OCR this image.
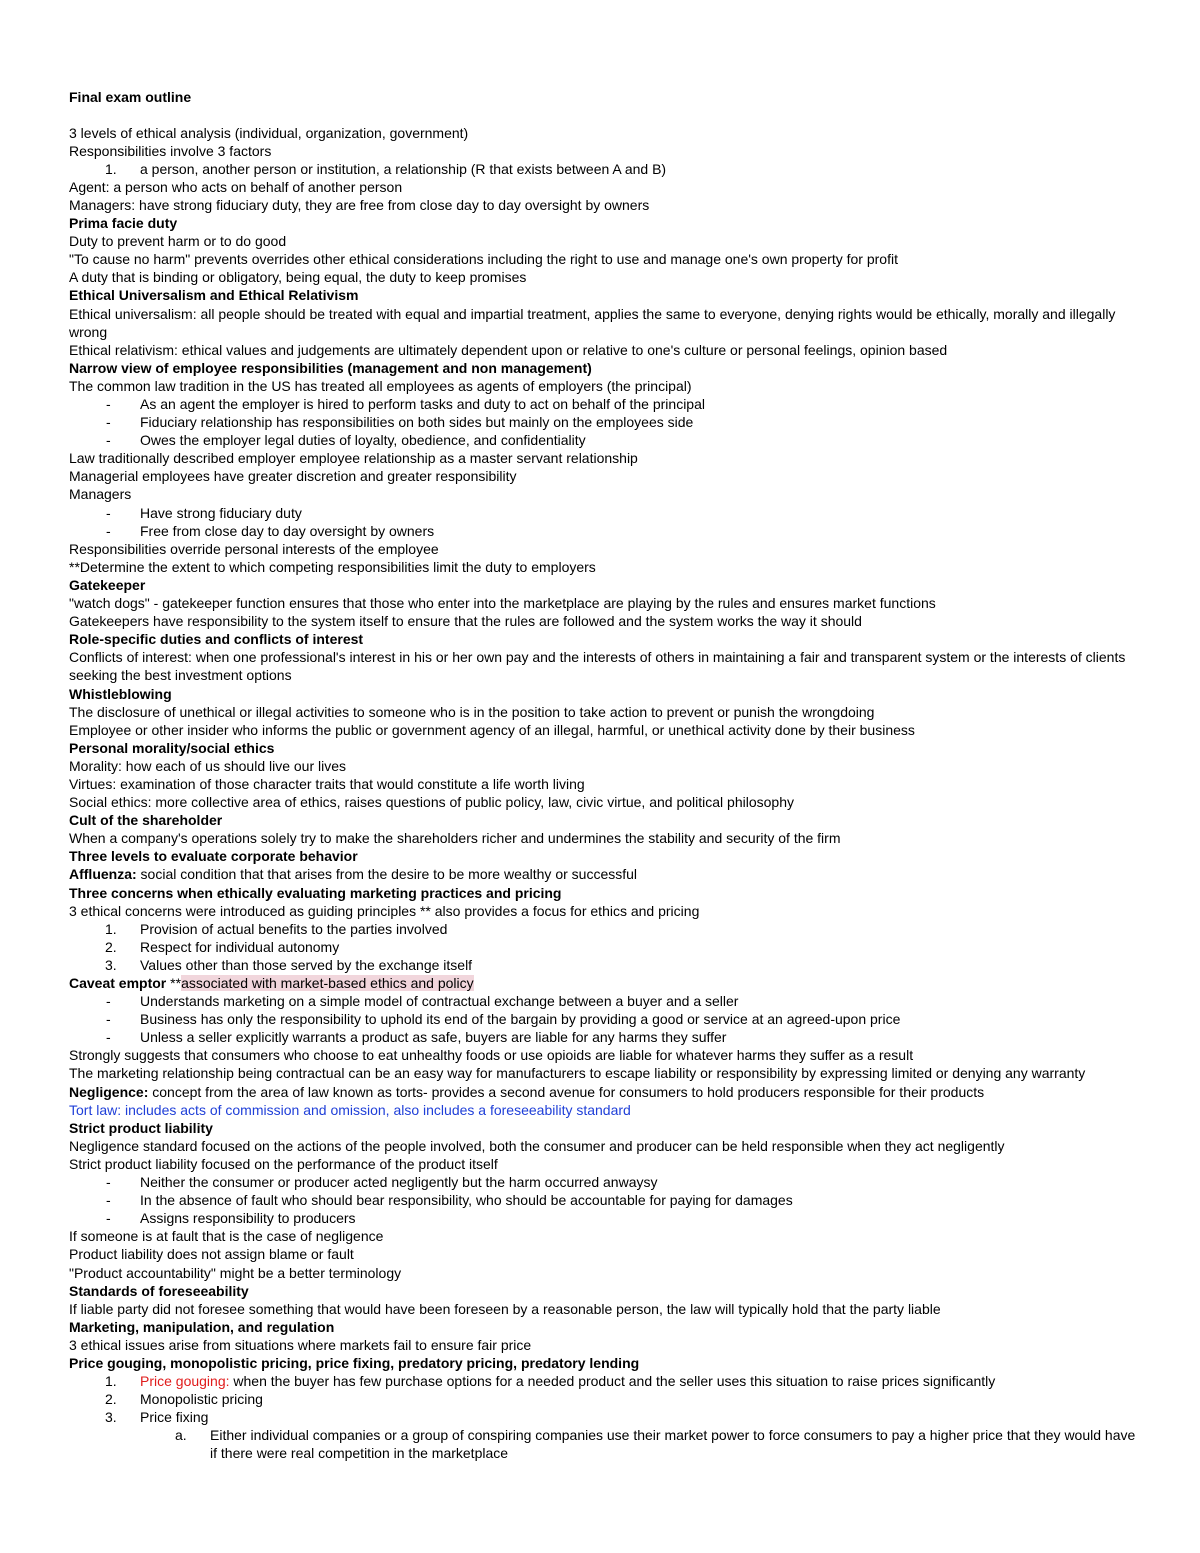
Final exam outline
3 levels of ethical analysis (individual, organization, government)
Responsibilities involve 3 factors
1.	a person, another person or institution, a relationship (R that exists between A and B)
Agent: a person who acts on behalf of another person
Managers: have strong fiduciary duty, they are free from close day to day oversight by owners
Prima facie duty
Duty to prevent harm or to do good
"To cause no harm" prevents overrides other ethical considerations including the right to use and manage one's own property for profit
A duty that is binding or obligatory, being equal, the duty to keep promises
Ethical Universalism and Ethical Relativism
Ethical universalism: all people should be treated with equal and impartial treatment, applies the same to everyone, denying rights would be ethically, morally and illegally wrong
Ethical relativism: ethical values and judgements are ultimately dependent upon or relative to one's culture or personal feelings, opinion based
Narrow view of employee responsibilities (management and non management)
The common law tradition in the US has treated all employees as agents of employers (the principal)
-	As an agent the employer is hired to perform tasks and duty to act on behalf of the principal
-	Fiduciary relationship has responsibilities on both sides but mainly on the employees side
-	Owes the employer legal duties of loyalty, obedience, and confidentiality
Law traditionally described employer employee relationship as a master servant relationship
Managerial employees have greater discretion and greater responsibility
Managers
-	Have strong fiduciary duty
-	Free from close day to day oversight by owners
Responsibilities override personal interests of the employee
**Determine the extent to which competing responsibilities limit the duty to employers
Gatekeeper
"watch dogs" - gatekeeper function ensures that those who enter into the marketplace are playing by the rules and ensures market functions
Gatekeepers have responsibility to the system itself to ensure that the rules are followed and the system works the way it should
Role-specific duties and conflicts of interest
Conflicts of interest: when one professional's interest in his or her own pay and the interests of others in maintaining a fair and transparent system or the interests of clients seeking the best investment options
Whistleblowing
The disclosure of unethical or illegal activities to someone who is in the position to take action to prevent or punish the wrongdoing
Employee or other insider who informs the public or government agency of an illegal, harmful, or unethical activity done by their business
Personal morality/social ethics
Morality: how each of us should live our lives
Virtues: examination of those character traits that would constitute a life worth living
Social ethics: more collective area of ethics, raises questions of public policy, law, civic virtue, and political philosophy
Cult of the shareholder
When a company's operations solely try to make the shareholders richer and undermines the stability and security of the firm
Three levels to evaluate corporate behavior
Affluenza: social condition that that arises from the desire to be more wealthy or successful
Three concerns when ethically evaluating marketing practices and pricing
3 ethical concerns were introduced as guiding principles ** also provides a focus for ethics and pricing
1.	Provision of actual benefits to the parties involved
2.	Respect for individual autonomy
3.	Values other than those served by the exchange itself
Caveat emptor **associated with market-based ethics and policy
-	Understands marketing on a simple model of contractual exchange between a buyer and a seller
-	Business has only the responsibility to uphold its end of the bargain by providing a good or service at an agreed-upon price
-	Unless a seller explicitly warrants a product as safe, buyers are liable for any harms they suffer
Strongly suggests that consumers who choose to eat unhealthy foods or use opioids are liable for whatever harms they suffer as a result
The marketing relationship being contractual can be an easy way for manufacturers to escape liability or responsibility by expressing limited or denying any warranty
Negligence: concept from the area of law known as torts- provides a second avenue for consumers to hold producers responsible for their products
Tort law: includes acts of commission and omission, also includes a foreseeability standard
Strict product liability
Negligence standard focused on the actions of the people involved, both the consumer and producer can be held responsible when they act negligently
Strict product liability focused on the performance of the product itself
-	Neither the consumer or producer acted negligently but the harm occurred anwaysy
-	In the absence of fault who should bear responsibility, who should be accountable for paying for damages
-	Assigns responsibility to producers
If someone is at fault that is the case of negligence
Product liability does not assign blame or fault
"Product accountability" might be a better terminology
Standards of foreseeability
If liable party did not foresee something that would have been foreseen by a reasonable person, the law will typically hold that the party liable
Marketing, manipulation, and regulation
3 ethical issues arise from situations where markets fail to ensure fair price
Price gouging, monopolistic pricing, price fixing, predatory pricing, predatory lending
1.	Price gouging: when the buyer has few purchase options for a needed product and the seller uses this situation to raise prices significantly
2.	Monopolistic pricing
3.	Price fixing
a.	Either individual companies or a group of conspiring companies use their market power to force consumers to pay a higher price that they would have if there were real competition in the marketplace
